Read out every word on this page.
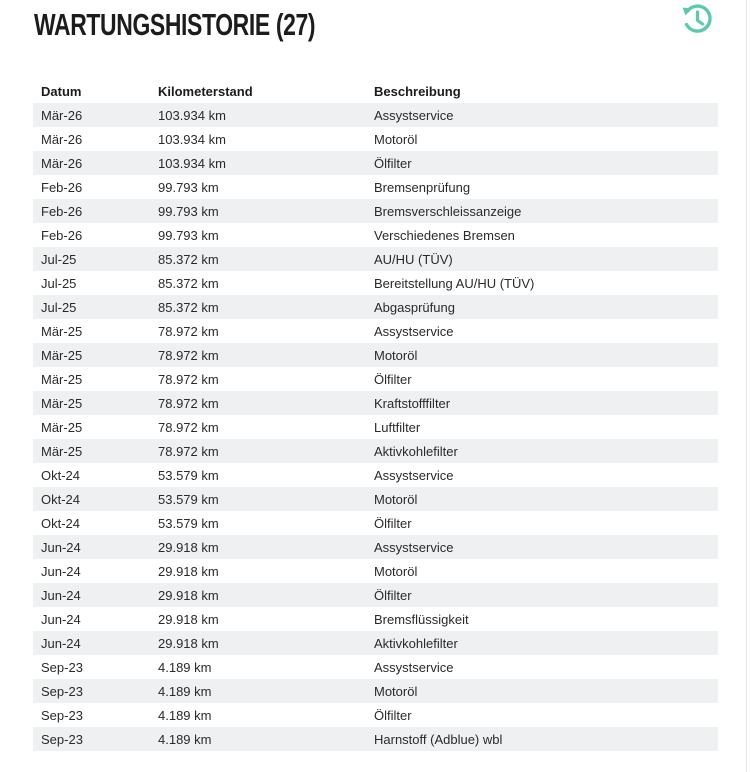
WARTUNGSHISTORIE (27)
Datum	Kilometerstand	Beschreibung
Mär-26	103.934 km	Assystservice
Mär-26	103.934 km	Motoröl
Mär-26	103.934 km	Ölfilter
Feb-26	99.793 km	Bremsenprüfung
Feb-26	99.793 km	Bremsverschleissanzeige
Feb-26	99.793 km	Verschiedenes Bremsen
Jul-25	85.372 km	AU/HU (TÜV)
Jul-25	85.372 km	Bereitstellung AU/HU (TÜV)
Jul-25	85.372 km	Abgasprüfung
Mär-25	78.972 km	Assystservice
Mär-25	78.972 km	Motoröl
Mär-25	78.972 km	Ölfilter
Mär-25	78.972 km	Kraftstofffilter
Mär-25	78.972 km	Luftfilter
Mär-25	78.972 km	Aktivkohlefilter
Okt-24	53.579 km	Assystservice
Okt-24	53.579 km	Motoröl
Okt-24	53.579 km	Ölfilter
Jun-24	29.918 km	Assystservice
Jun-24	29.918 km	Motoröl
Jun-24	29.918 km	Ölfilter
Jun-24	29.918 km	Bremsflüssigkeit
Jun-24	29.918 km	Aktivkohlefilter
Sep-23	4.189 km	Assystservice
Sep-23	4.189 km	Motoröl
Sep-23	4.189 km	Ölfilter
Sep-23	4.189 km	Harnstoff (Adblue) wbl
